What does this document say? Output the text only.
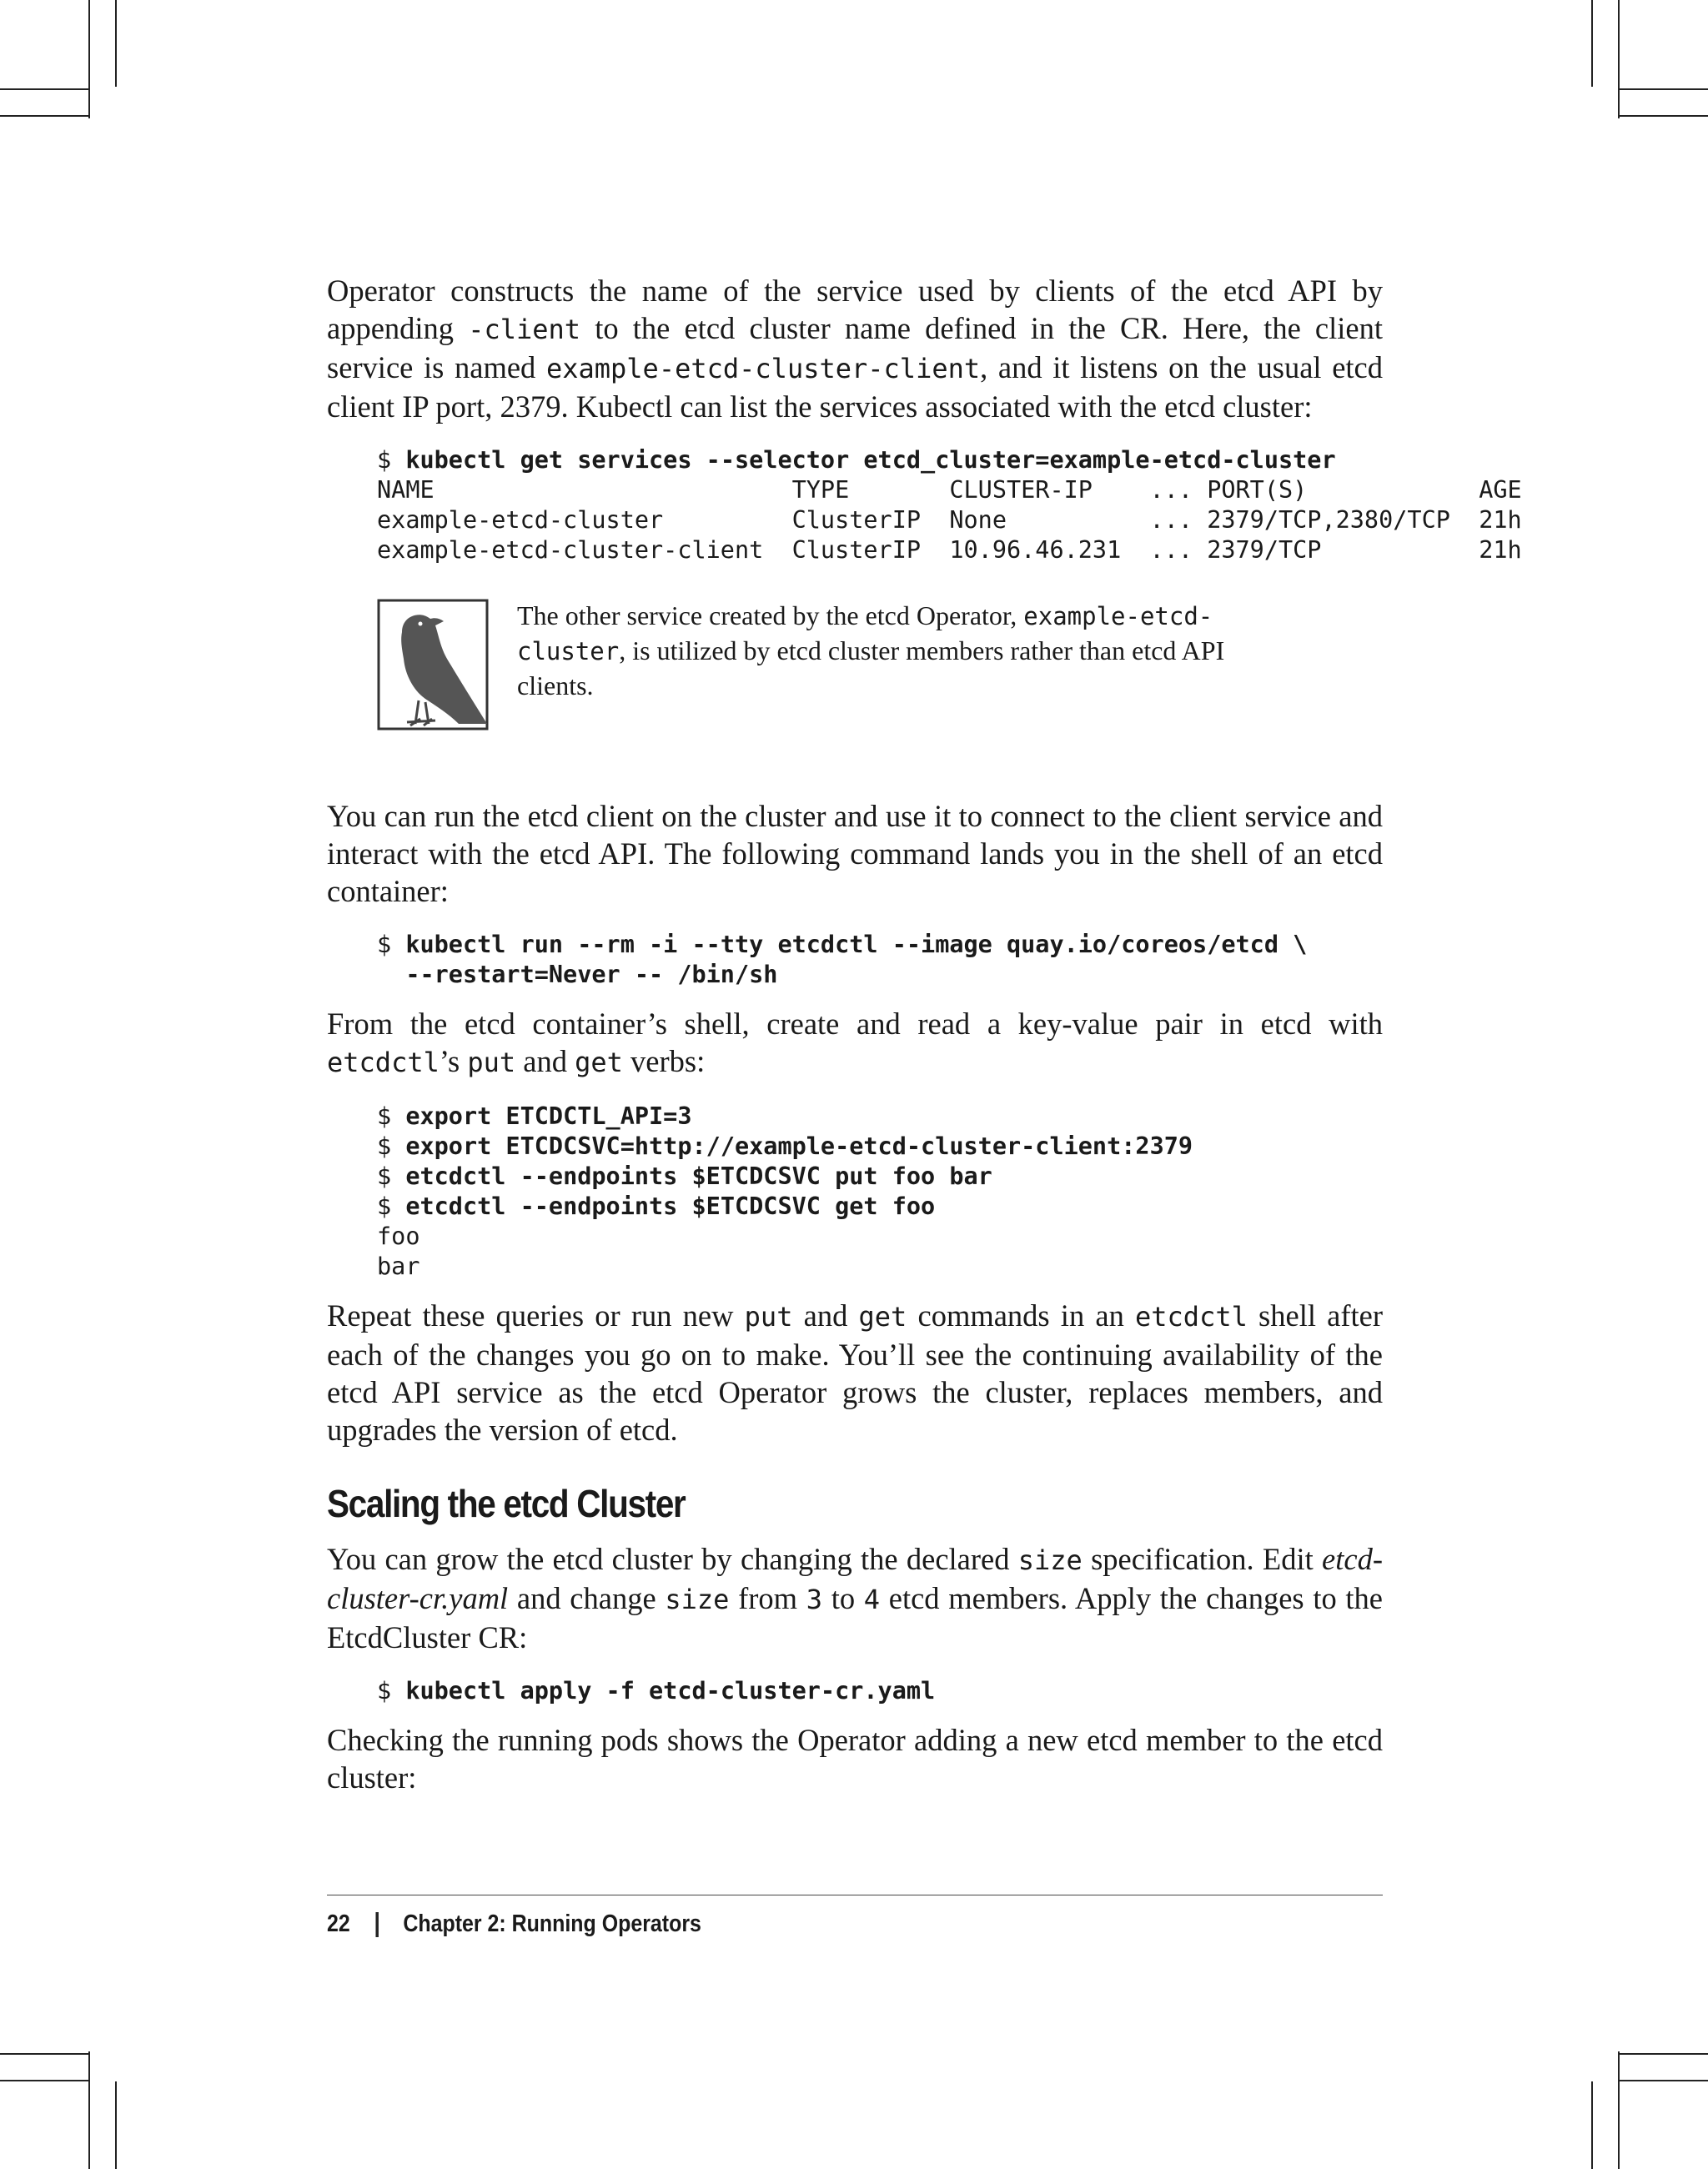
Operator constructs the name of the service used by clients of the etcd API by appending -client to the etcd cluster name defined in the CR. Here, the client service is named example-etcd-cluster-client, and it listens on the usual etcd client IP port, 2379. Kubectl can list the services associated with the etcd cluster:

$ kubectl get services --selector etcd_cluster=example-etcd-cluster
NAME                         TYPE       CLUSTER-IP    ... PORT(S)            AGE
example-etcd-cluster         ClusterIP  None          ... 2379/TCP,2380/TCP  21h
example-etcd-cluster-client  ClusterIP  10.96.46.231  ... 2379/TCP           21h

The other service created by the etcd Operator, example-etcd-cluster, is utilized by etcd cluster members rather than etcd API clients.

You can run the etcd client on the cluster and use it to connect to the client service and interact with the etcd API. The following command lands you in the shell of an etcd container:

$ kubectl run --rm -i --tty etcdctl --image quay.io/coreos/etcd \
--restart=Never -- /bin/sh

From the etcd container’s shell, create and read a key-value pair in etcd with etcdctl’s put and get verbs:

$ export ETCDCTL_API=3
$ export ETCDCSVC=http://example-etcd-cluster-client:2379
$ etcdctl --endpoints $ETCDCSVC put foo bar
$ etcdctl --endpoints $ETCDCSVC get foo
foo
bar

Repeat these queries or run new put and get commands in an etcdctl shell after each of the changes you go on to make. You’ll see the continuing availability of the etcd API service as the etcd Operator grows the cluster, replaces members, and upgrades the version of etcd.

Scaling the etcd Cluster

You can grow the etcd cluster by changing the declared size specification. Edit etcd-cluster-cr.yaml and change size from 3 to 4 etcd members. Apply the changes to the EtcdCluster CR:

$ kubectl apply -f etcd-cluster-cr.yaml

Checking the running pods shows the Operator adding a new etcd member to the etcd cluster:

22 Chapter 2: Running Operators
